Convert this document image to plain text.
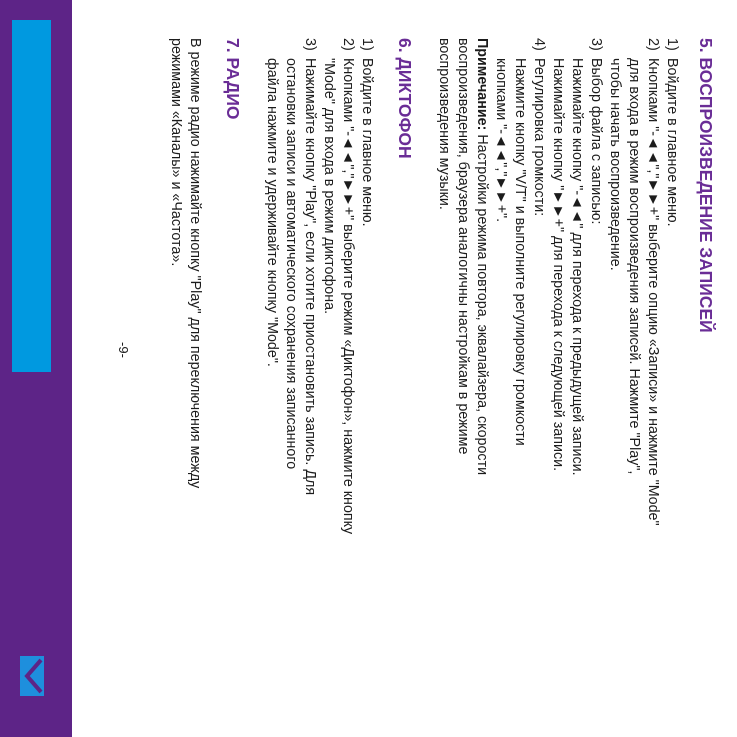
5. ВОСПРОИЗВЕДЕНИЕ ЗАПИСЕЙ
1)
Войдите в главное меню.
2)
Кнопками "-◄◄","►►+" выберите опцию «Записи» и нажмите "Mode"
для входа в режим воспроизведения записей. Нажмите "Play",
чтобы начать воспроизведение.
3)
Выбор файла с записью:
Нажимайте кнопку "-◄◄" для перехода к предыдущей записи.
Нажимайте кнопку "►►+" для перехода к следующей записи.
4)
Регулировка громкости:
Нажмите кнопку "V/T" и выполните регулировку громкости
кнопками "-◄◄","►►+".
Примечание: Настройки режима повтора, эквалайзера, скорости
воспроизведения, браузера аналогичны настройкам в режиме
воспроизведения музыки.
6. ДИКТОФОН
1)
Войдите в главное меню.
2)
Кнопками "-◄◄","►►+" выберите режим «Диктофон», нажмите кнопку
"Mode" для входа в режим диктофона.
3)
Нажимайте кнопку "Play", если хотите приостановить запись. Для
остановки записи и автоматического сохранения записанного
файла нажмите и удерживайте кнопку "Mode".
7. РАДИО
В режиме радио нажимайте кнопку "Play" для переключения между
режимами «Каналы» и «Частота».
-9-
